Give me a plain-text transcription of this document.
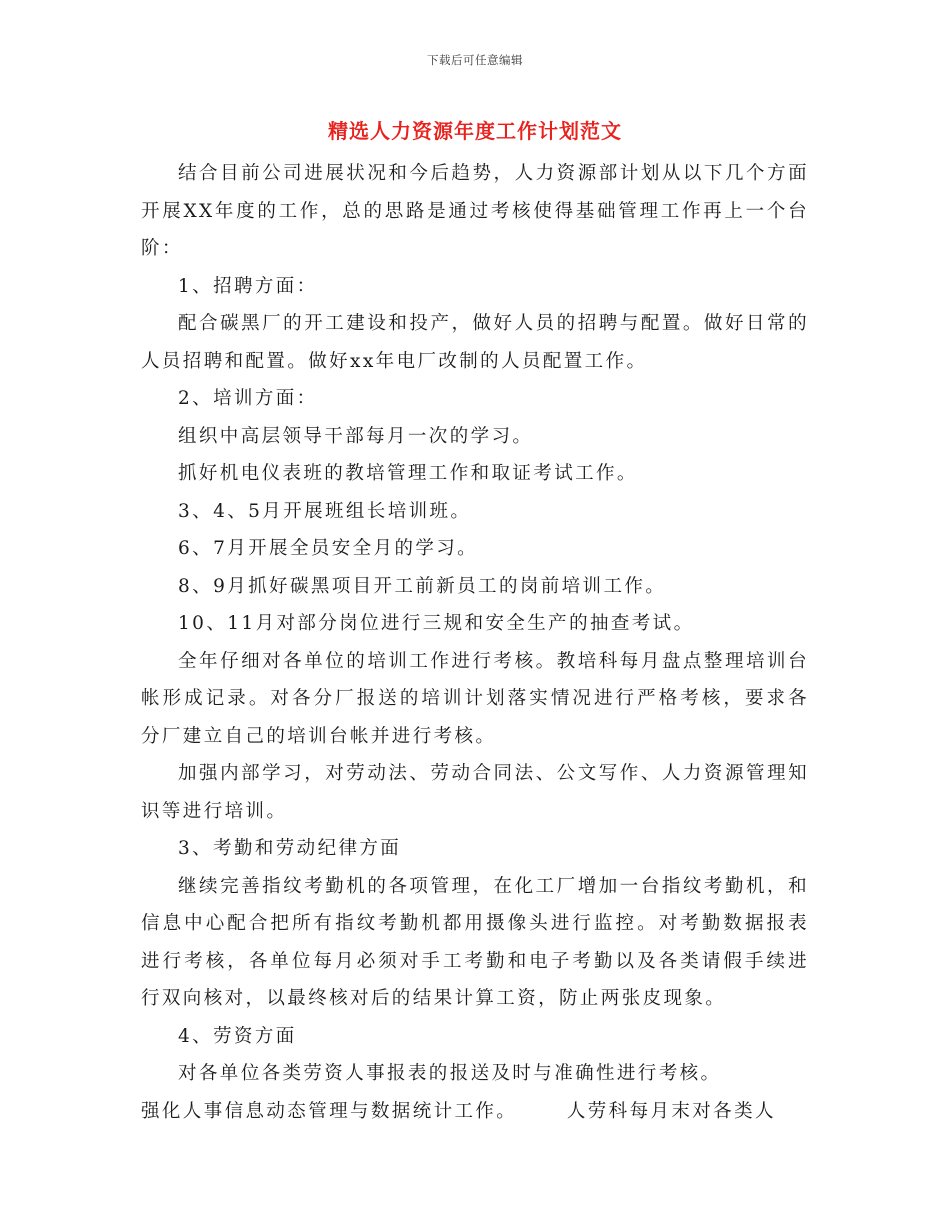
下载后可任意编辑
精选人力资源年度工作计划范文

结合目前公司进展状况和今后趋势，人力资源部计划从以下几个方面开展XX年度的工作，总的思路是通过考核使得基础管理工作再上一个台阶：

1、招聘方面：

配合碳黑厂的开工建设和投产，做好人员的招聘与配置。做好日常的人员招聘和配置。做好xx年电厂改制的人员配置工作。

2、培训方面：

组织中高层领导干部每月一次的学习。

抓好机电仪表班的教培管理工作和取证考试工作。

3、4、5月开展班组长培训班。

6、7月开展全员安全月的学习。

8、9月抓好碳黑项目开工前新员工的岗前培训工作。

10、11月对部分岗位进行三规和安全生产的抽查考试。

全年仔细对各单位的培训工作进行考核。教培科每月盘点整理培训台帐形成记录。对各分厂报送的培训计划落实情况进行严格考核，要求各分厂建立自己的培训台帐并进行考核。

加强内部学习，对劳动法、劳动合同法、公文写作、人力资源管理知识等进行培训。

3、考勤和劳动纪律方面

继续完善指纹考勤机的各项管理，在化工厂增加一台指纹考勤机，和信息中心配合把所有指纹考勤机都用摄像头进行监控。对考勤数据报表进行考核，各单位每月必须对手工考勤和电子考勤以及各类请假手续进行双向核对，以最终核对后的结果计算工资，防止两张皮现象。

4、劳资方面

对各单位各类劳资人事报表的报送及时与准确性进行考核。

强化人事信息动态管理与数据统计工作。      人劳科每月末对各类人
